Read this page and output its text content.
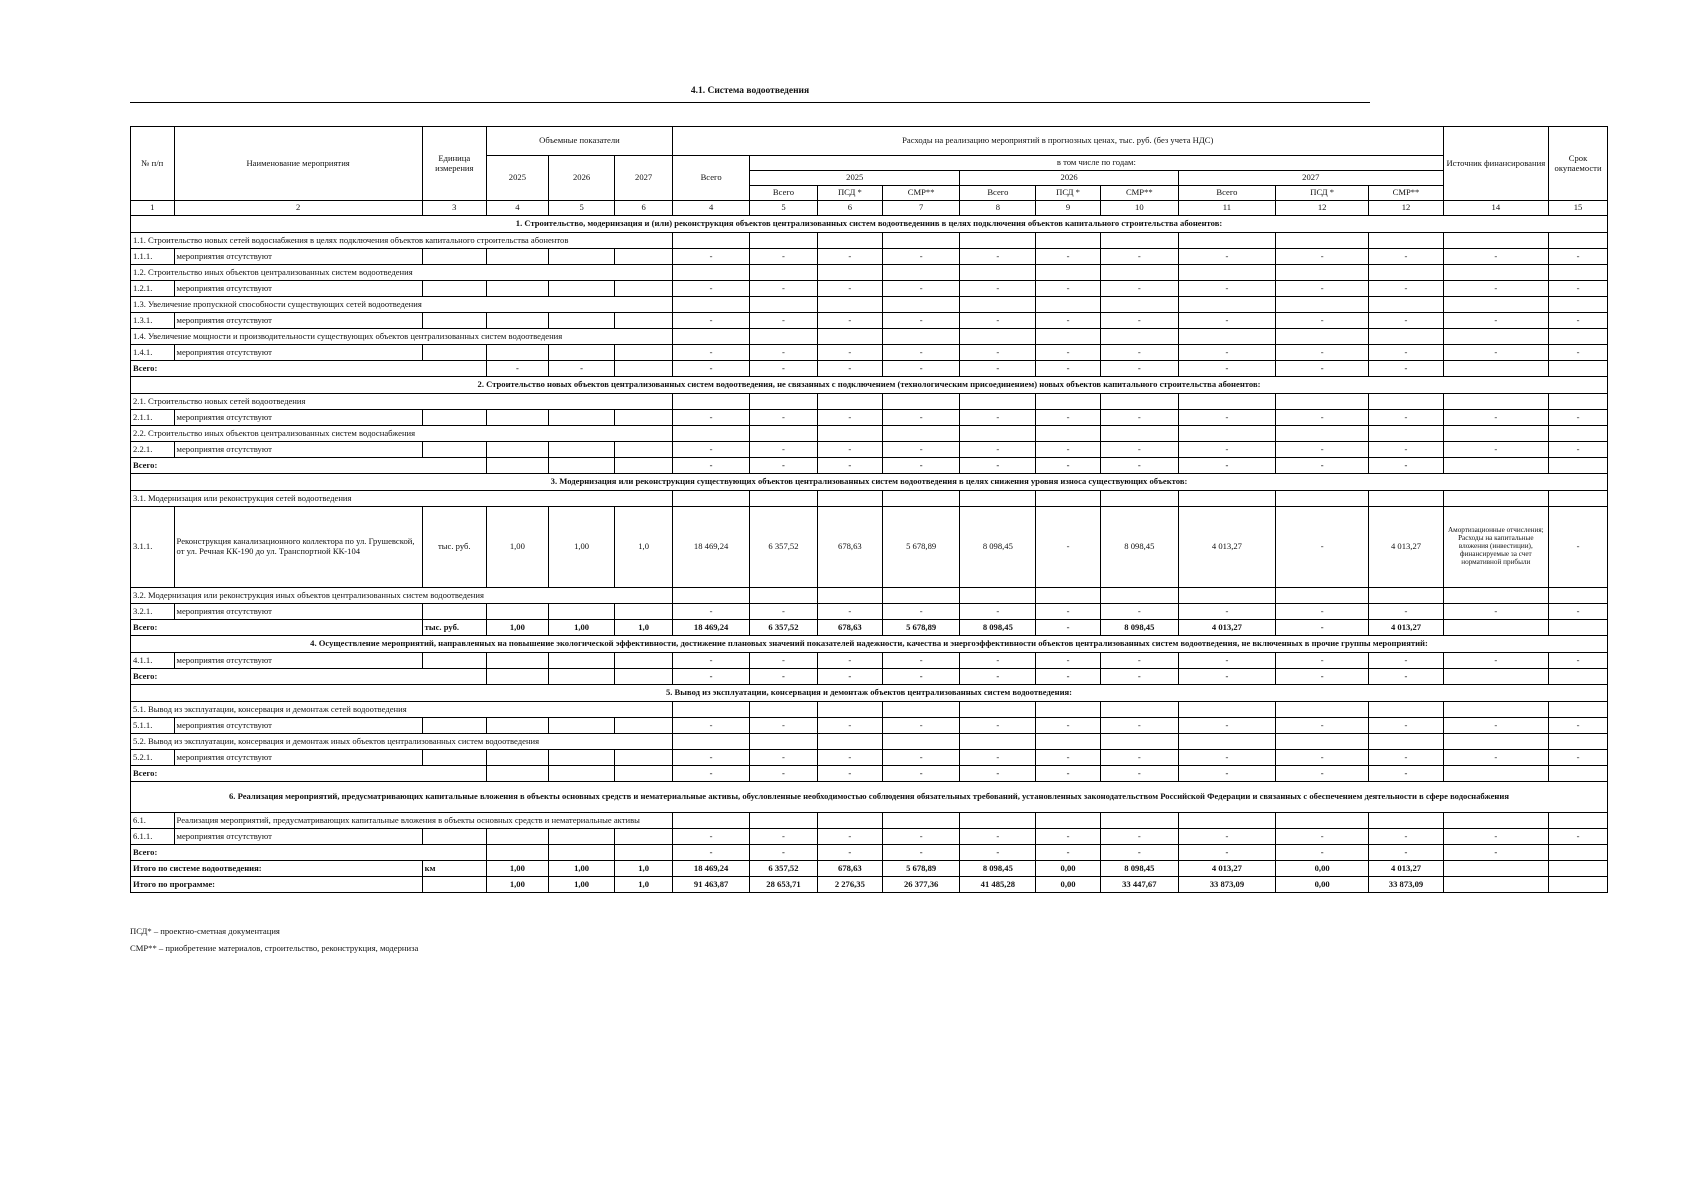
4.1. Система водоотведения
№ п/п	Наименование мероприятия	Единица измерения	Объемные показатели			Расходы на реализацию мероприятий в прогнозных ценах, тыс. руб. (без учета НДС)										Источник финансирования	Срок окупаемости
			2025	2026	2027	Всего	в том числе по годам:										
							2025			2026			2027				
							Всего	ПСД *	СМР**	Всего	ПСД *	СМР**	Всего	ПСД *	СМР**		
1	2	3	4	5	6	4	5	6	7	8	9	10	11	12	12	14	15
1. Строительство, модернизация и (или) реконструкция объектов централизованных систем водоотведениив в целях подключения объектов капитального строительства абонентов:																	
1.1. Строительство новых сетей водоснабжения в целях подключения объектов капитального строительства абонентов																	
1.1.1.	мероприятия отсутствуют					-	-	-	-	-	-	-	-	-	-	-	-
1.2. Строительство иных объектов централизованных систем водоотведения																	
1.2.1.	мероприятия отсутствуют					-	-	-	-	-	-	-	-	-	-	-	-
1.3. Увеличение пропускной способности существующих сетей водоотведения																	
1.3.1.	мероприятия отсутствуют					-	-	-	-	-	-	-	-	-	-	-	-
1.4. Увеличение мощности и производительности существующих объектов централизованных систем водоотведения																	
1.4.1.	мероприятия отсутствуют					-	-	-	-	-	-	-	-	-	-	-	-
Всего:			-	-		-	-	-	-	-	-	-	-	-	-		
2. Строительство новых объектов централизованных систем водоотведения, не связанных с подключением (технологическим присоединением) новых объектов капитального строительства абонентов:																	
2.1. Строительство новых сетей водоотведения																	
2.1.1.	мероприятия отсутствуют					-	-	-	-	-	-	-	-	-	-	-	-
2.2. Строительство иных объектов централизованных систем водоснабжения																	
2.2.1.	мероприятия отсутствуют					-	-	-	-	-	-	-	-	-	-	-	-
Всего:						-	-	-	-	-	-	-	-	-	-		
3. Модернизация или реконструкция существующих объектов централизованных систем водоотведения в целях снижения уровня износа существующих объектов:																	
3.1. Модернизация или реконструкция сетей водоотведения																	
3.1.1.	Реконструкция канализационного коллектора по ул. Грушевской, от ул. Речная КК-190 до ул. Транспортной КК-104	тыс. руб.	1,00	1,00	1,0	18 469,24	6 357,52	678,63	5 678,89	8 098,45	-	8 098,45	4 013,27	-	4 013,27	Амортизационные отчисления; Расходы на капитальные вложения (инвестиции), финансируемые за счет нормативной прибыли	-
3.2. Модернизация или реконструкция иных объектов централизованных систем водоотведения																	
3.2.1.	мероприятия отсутствуют					-	-	-	-	-	-	-	-	-	-	-	-
Всего:		тыс. руб.	1,00	1,00	1,0	18 469,24	6 357,52	678,63	5 678,89	8 098,45	-	8 098,45	4 013,27	-	4 013,27		
4. Осуществление мероприятий, направленных на повышение экологической эффективности, достижение плановых значений показателей надежности, качества и энергоэффективности объектов централизованных систем водоотведения, не включенных в прочие группы мероприятий:																	
4.1.1.	мероприятия отсутствуют					-	-	-	-	-	-	-	-	-	-	-	-
Всего:						-	-	-	-	-	-	-	-	-	-		
5. Вывод из эксплуатации, консервация и демонтаж объектов централизованных систем водоотведения:																	
5.1. Вывод из эксплуатации, консервация и демонтаж сетей водоотведения																	
5.1.1.	мероприятия отсутствуют					-	-	-	-	-	-	-	-	-	-	-	-
5.2. Вывод из эксплуатации, консервация и демонтаж иных объектов централизованных систем водоотведения																	
5.2.1.	мероприятия отсутствуют					-	-	-	-	-	-	-	-	-	-	-	-
Всего:						-	-	-	-	-	-	-	-	-	-		
6. Реализация мероприятий, предусматривающих капитальные вложения в объекты основных средств и нематериальные активы, обусловленные необходимостью соблюдения обязательных требований, установленных законодательством Российской Федерации и связанных с обеспечением деятельности в сфере водоснабжения																	
6.1.	Реализация мероприятий, предусматривающих капитальные вложения в объекты основных средств и нематериальные активы																
6.1.1.	мероприятия отсутствуют					-	-	-	-	-	-	-	-	-	-	-	-
Всего:						-	-	-	-	-	-	-	-	-	-	-	
Итого по системе водоотведения:		км	1,00	1,00	1,0	18 469,24	6 357,52	678,63	5 678,89	8 098,45	0,00	8 098,45	4 013,27	0,00	4 013,27		
Итого по программе:			1,00	1,00	1,0	91 463,87	28 653,71	2 276,35	26 377,36	41 485,28	0,00	33 447,67	33 873,09	0,00	33 873,09		
ПСД* – проектно-сметная документация
СМР** – приобретение материалов, строительство, реконструкция, модерниза
